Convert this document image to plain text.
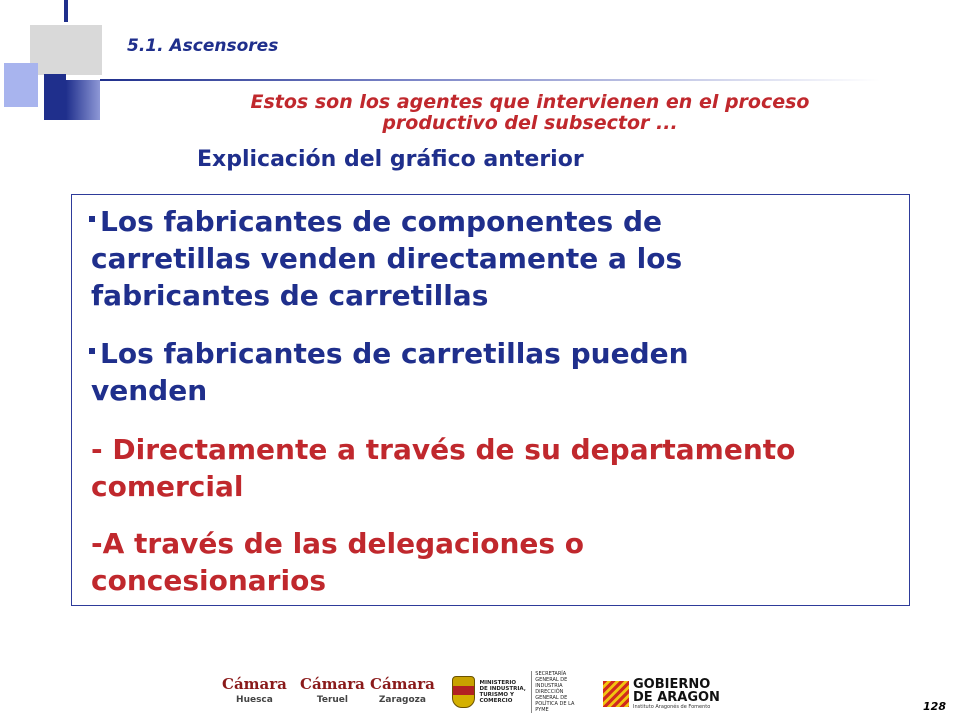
5.1. Ascensores
Estos son los agentes que intervienen en el proceso
productivo del subsector ...
Explicación del gráfico anterior
Los fabricantes de componentes de
carretillas venden directamente a los
fabricantes de carretillas
Los fabricantes de carretillas pueden
venden
- Directamente a través de su departamento
comercial
-A través de las delegaciones o
concesionarios
Cámara
Huesca
Cámara
Teruel
Cámara
Zaragoza
MINISTERIO
DE INDUSTRIA,
TURISMO Y
COMERCIO
SECRETARÍA GENERAL DE
INDUSTRIA
DIRECCIÓN GENERAL DE
POLÍTICA DE LA PYME
GOBIERNO
DE ARAGON
Instituto Aragonés de Fomento	128
